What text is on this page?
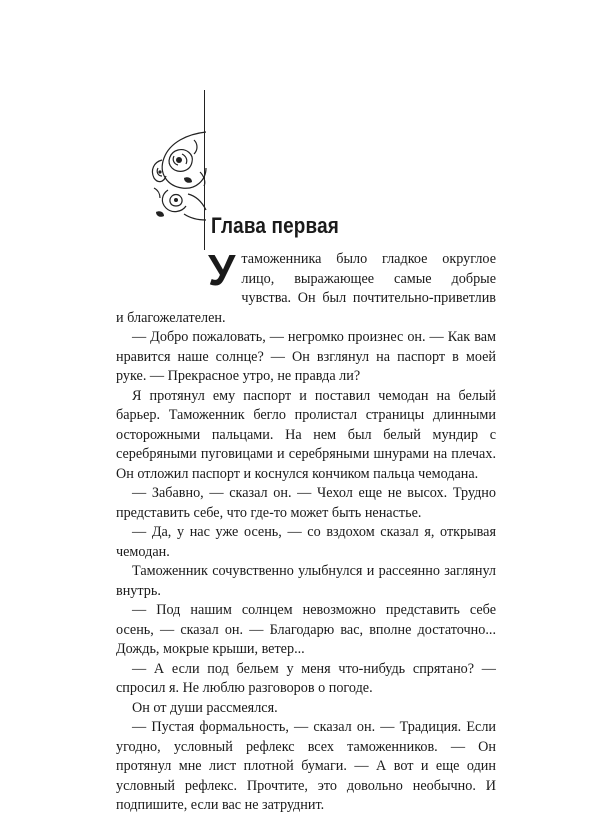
Глава первая

Утаможенника было гладкое округлое лицо, выражающее самые добрые чувства. Он был почтительно-приветлив и благожелателен.

— Добро пожаловать, — негромко произнес он. — Как вам нравится наше солнце? — Он взглянул на паспорт в моей руке. — Прекрасное утро, не правда ли?

Я протянул ему паспорт и поставил чемодан на белый барьер. Таможенник бегло пролистал страницы длинными осторожными пальцами. На нем был белый мундир с серебряными пуговицами и серебряными шнурами на плечах. Он отложил паспорт и коснулся кончиком пальца чемодана.

— Забавно, — сказал он. — Чехол еще не высох. Трудно представить себе, что где-то может быть ненастье.

— Да, у нас уже осень, — со вздохом сказал я, открывая чемодан.

Таможенник сочувственно улыбнулся и рассеянно заглянул внутрь.

— Под нашим солнцем невозможно представить себе осень, — сказал он. — Благодарю вас, вполне достаточно... Дождь, мокрые крыши, ветер...

— А если под бельем у меня что-нибудь спрятано? — спросил я. Не люблю разговоров о погоде.

Он от души рассмеялся.

— Пустая формальность, — сказал он. — Традиция. Если угодно, условный рефлекс всех таможенников. — Он протянул мне лист плотной бумаги. — А вот и еще один условный рефлекс. Прочтите, это довольно необычно. И подпишите, если вас не затруднит.
